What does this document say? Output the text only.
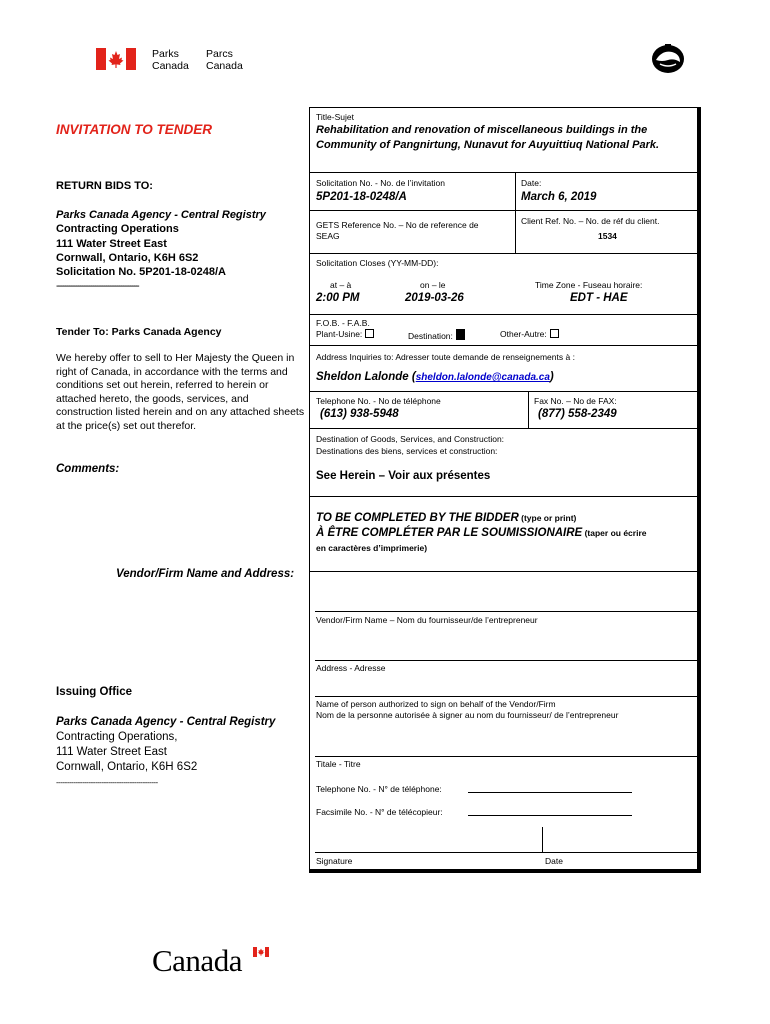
Parks
Canada
Parcs
Canada
INVITATION TO TENDER
RETURN BIDS TO:
Parks Canada Agency - Central Registry
Contracting Operations
111 Water Street East
Cornwall, Ontario, K6H 6S2
Solicitation No. 5P201-18-0248/A
--------------------------------------
Tender To: Parks Canada Agency
We hereby offer to sell to Her Majesty the Queen in right of Canada, in accordance with the terms and conditions set out herein, referred to herein or attached hereto, the goods, services, and construction listed herein and on any attached sheets at the price(s) set out therefor.
Comments:
Vendor/Firm Name and Address:
Issuing Office
Parks Canada Agency - Central Registry
Contracting Operations,
111 Water Street East
Cornwall, Ontario, K6H 6S2
-----------------------------------------------
Title-Sujet
Rehabilitation and renovation of miscellaneous buildings in the Community of Pangnirtung, Nunavut for Auyuittiuq National Park.
Solicitation No. - No. de l’invitation
5P201-18-0248/A
Date:
March 6, 2019
GETS Reference No. – No de reference de
SEAG
Client Ref. No. – No. de réf du client.
1534
Solicitation Closes (YY-MM-DD):
at – à	on – le	Time Zone - Fuseau horaire:
2:00 PM	2019-03-26	EDT - HAE
F.O.B. - F.A.B.
Plant-Usine:	Destination:	Other-Autre:
Address Inquiries to: Adresser toute demande de renseignements à :
Sheldon Lalonde (sheldon.lalonde@canada.ca)
Telephone No. - No de téléphone
(613) 938-5948
Fax No. – No de FAX:
(877) 558-2349
Destination of Goods, Services, and Construction:
Destinations des biens, services et construction:
See Herein – Voir aux présentes
TO BE COMPLETED BY THE BIDDER (type or print)
À ÊTRE COMPLÉTER PAR LE SOUMISSIONAIRE (taper ou écrire
en caractères d’imprimerie)
Vendor/Firm Name – Nom du fournisseur/de l’entrepreneur
Address - Adresse
Name of person authorized to sign on behalf of the Vendor/Firm
Nom de la personne autorisée à signer au nom du fournisseur/ de l’entrepreneur
Titale - Titre
Telephone No. - N° de téléphone:
Facsimile No. - N° de télécopieur:
Signature	Date
Canada
